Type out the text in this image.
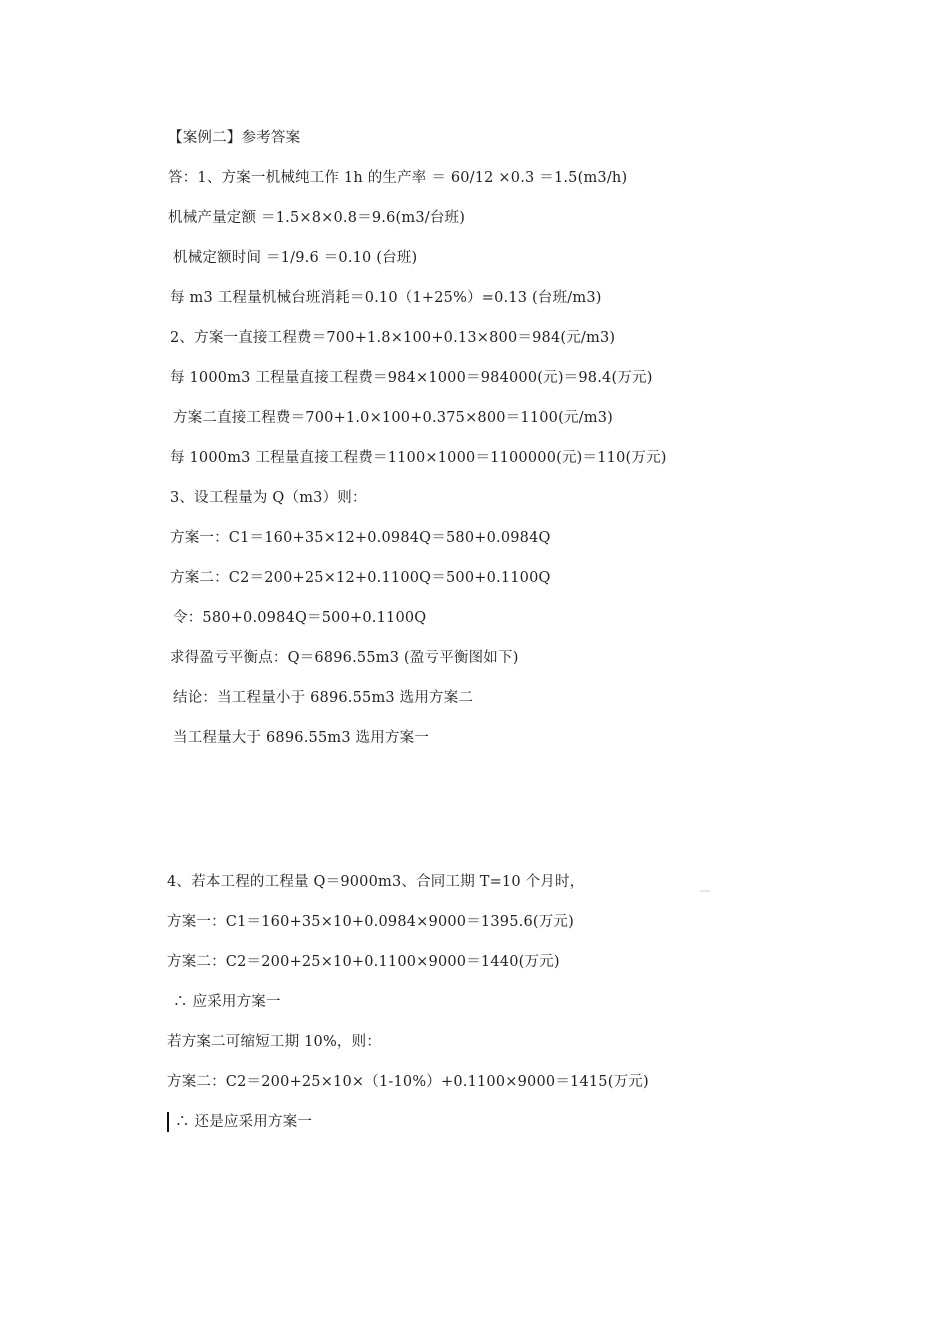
【案例二】参考答案
答：1、方案一机械纯工作 1h 的生产率 ＝ 60/12 ×0.3 ＝1.5(m3/h)
机械产量定额 ＝1.5×8×0.8＝9.6(m3/台班)
机械定额时间 ＝1/9.6 ＝0.10 (台班)
每 m3 工程量机械台班消耗＝0.10（1+25%）=0.13 (台班/m3)
2、方案一直接工程费＝700+1.8×100+0.13×800＝984(元/m3)
每 1000m3 工程量直接工程费＝984×1000＝984000(元)＝98.4(万元)
方案二直接工程费＝700+1.0×100+0.375×800＝1100(元/m3)
每 1000m3 工程量直接工程费＝1100×1000＝1100000(元)＝110(万元)
3、设工程量为 Q（m3）则：
方案一：C1＝160+35×12+0.0984Q＝580+0.0984Q
方案二：C2＝200+25×12+0.1100Q＝500+0.1100Q
令：580+0.0984Q＝500+0.1100Q
求得盈亏平衡点：Q＝6896.55m3 (盈亏平衡图如下)
结论：当工程量小于 6896.55m3 选用方案二
当工程量大于 6896.55m3 选用方案一
4、若本工程的工程量 Q＝9000m3、合同工期 T=10 个月时，
方案一：C1＝160+35×10+0.0984×9000＝1395.6(万元)
方案二：C2＝200+25×10+0.1100×9000＝1440(万元)
∴ 应采用方案一
若方案二可缩短工期 10%，则：
方案二：C2＝200+25×10×（1-10%）+0.1100×9000＝1415(万元)
∴ 还是应采用方案一
